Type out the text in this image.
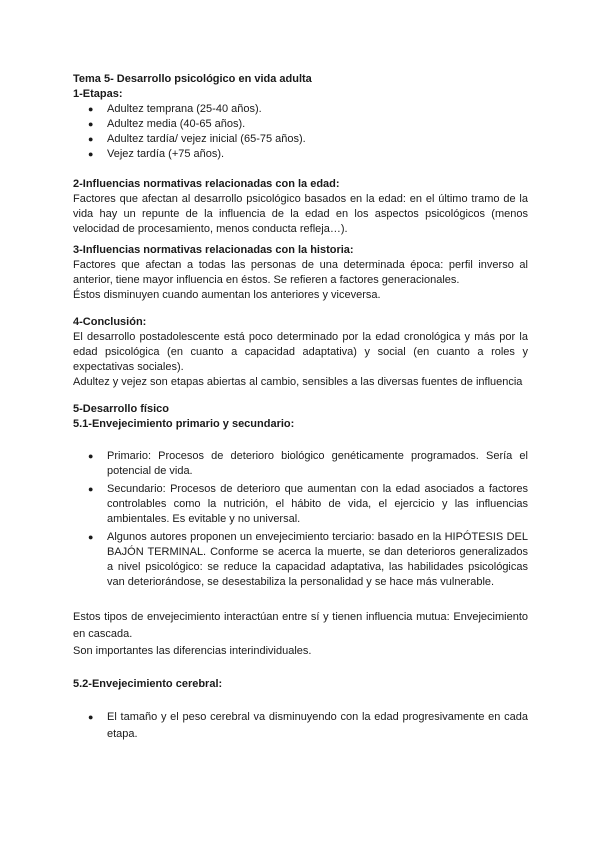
Tema 5- Desarrollo psicológico en vida adulta

1-Etapas:

● Adultez temprana (25-40 años).
● Adultez media (40-65 años).
● Adultez tardía/ vejez inicial (65-75 años).
● Vejez tardía (+75 años).

2-Influencias normativas relacionadas con la edad:

Factores que afectan al desarrollo psicológico basados en la edad: en el último tramo de la vida hay un repunte de la influencia de la edad en los aspectos psicológicos (menos velocidad de procesamiento, menos conducta refleja…).

3-Influencias normativas relacionadas con la historia:

Factores que afectan a todas las personas de una determinada época: perfil inverso al anterior, tiene mayor influencia en éstos. Se refieren a factores generacionales.

Éstos disminuyen cuando aumentan los anteriores y viceversa.

4-Conclusión:

El desarrollo postadolescente está poco determinado por la edad cronológica y más por la edad psicológica (en cuanto a capacidad adaptativa) y social (en cuanto a roles y expectativas sociales).

Adultez y vejez son etapas abiertas al cambio, sensibles a las diversas fuentes de influencia

5-Desarrollo físico

5.1-Envejecimiento primario y secundario:

● Primario: Procesos de deterioro biológico genéticamente programados. Sería el potencial de vida.
● Secundario: Procesos de deterioro que aumentan con la edad asociados a factores controlables como la nutrición, el hábito de vida, el ejercicio y las influencias ambientales. Es evitable y no universal.
● Algunos autores proponen un envejecimiento terciario: basado en la HIPÓTESIS DEL BAJÓN TERMINAL. Conforme se acerca la muerte, se dan deterioros generalizados a nivel psicológico: se reduce la capacidad adaptativa, las habilidades psicológicas van deteriorándose, se desestabiliza la personalidad y se hace más vulnerable.

Estos tipos de envejecimiento interactúan entre sí y tienen influencia mutua: Envejecimiento en cascada.

Son importantes las diferencias interindividuales.

5.2-Envejecimiento cerebral:

● El tamaño y el peso cerebral va disminuyendo con la edad progresivamente en cada etapa.
